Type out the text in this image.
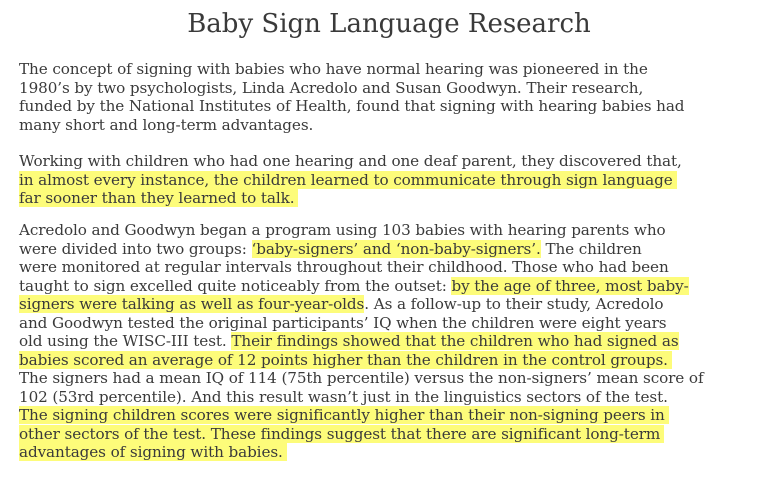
Baby Sign Language Research
The concept of signing with babies who have normal hearing was pioneered in the
1980’s by two psychologists, Linda Acredolo and Susan Goodwyn. Their research,
funded by the National Institutes of Health, found that signing with hearing babies had
many short and long-term advantages.
Working with children who had one hearing and one deaf parent, they discovered that,
in almost every instance, the children learned to communicate through sign language
far sooner than they learned to talk.
Acredolo and Goodwyn began a program using 103 babies with hearing parents who
were divided into two groups: ‘baby-signers’ and ‘non-baby-signers’. The children
were monitored at regular intervals throughout their childhood. Those who had been
taught to sign excelled quite noticeably from the outset: by the age of three, most baby-
signers were talking as well as four-year-olds. As a follow-up to their study, Acredolo
and Goodwyn tested the original participants’ IQ when the children were eight years
old using the WISC-III test. Their findings showed that the children who had signed as
babies scored an average of 12 points higher than the children in the control groups.
The signers had a mean IQ of 114 (75th percentile) versus the non-signers’ mean score of
102 (53rd percentile). And this result wasn’t just in the linguistics sectors of the test.
The signing children scores were significantly higher than their non-signing peers in
other sectors of the test. These findings suggest that there are significant long-term
advantages of signing with babies.
